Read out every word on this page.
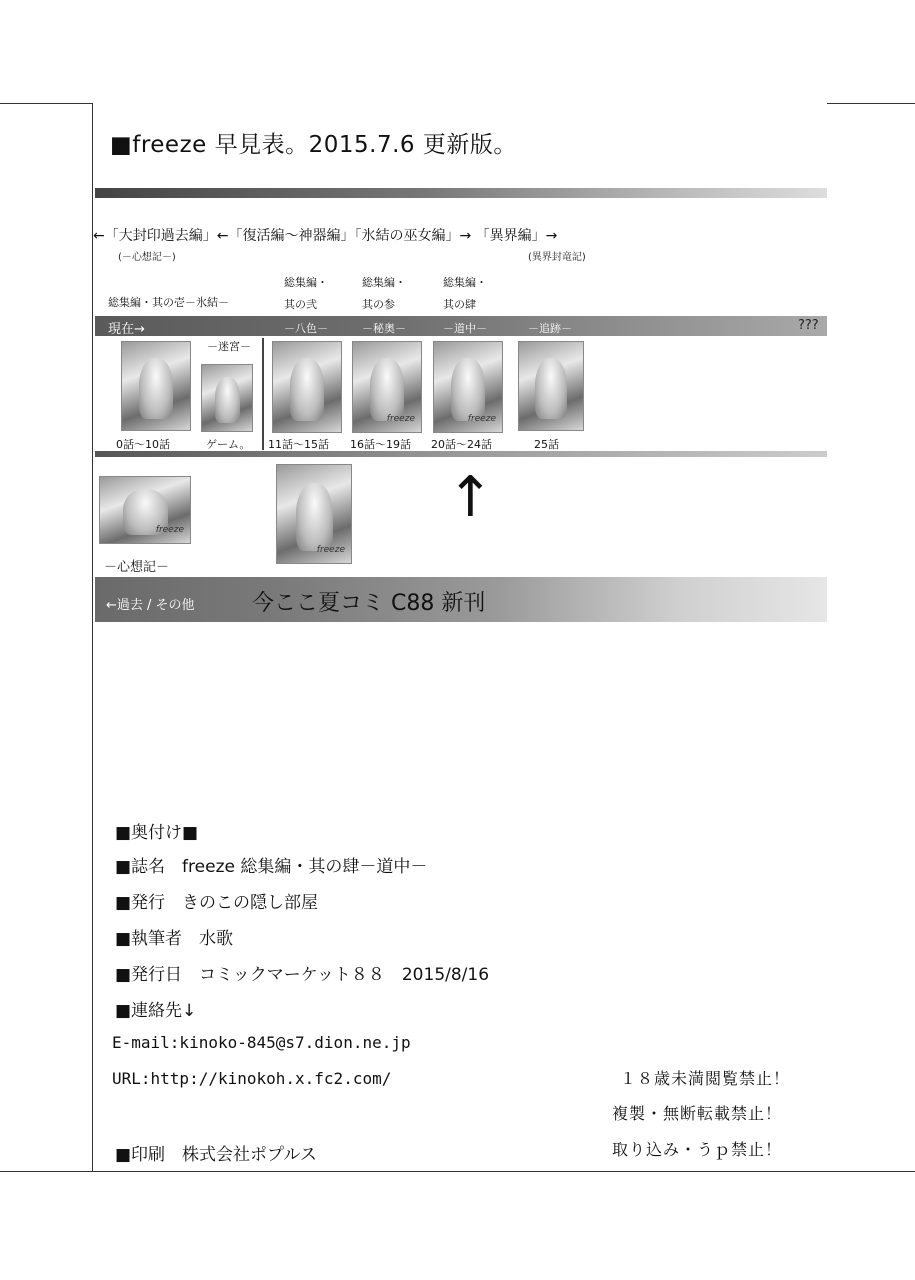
■freeze 早見表。2015.7.6 更新版。
←「大封印過去編」←「復活編～神器編」「氷結の巫女編」→ 「異界編」→
(－心想記－)	(異界封竜記)
総集編・其の壱－氷結－
総集編・
其の弐
総集編・
其の参
総集編・
其の肆
現在→	－八色－	－秘奥－	－道中－	－追跡－	???
－迷宮－
freeze	freeze
0話～10話	ゲーム。 11話～15話 16話～19話 20話～24話	25話
freeze
－心想記－
freeze
↑
←過去 / その他	今ここ夏コミ C88 新刊
■奥付け■
■誌名　freeze 総集編・其の肆－道中－
■発行　きのこの隠し部屋
■執筆者　水歌
■発行日　コミックマーケット８８　2015/8/16
■連絡先↓
E-mail:kinoko-845@s7.dion.ne.jp
URL:http://kinokoh.x.fc2.com/
■印刷　株式会社ポプルス
１８歳未満閲覧禁止！
複製・無断転載禁止！
取り込み・うｐ禁止！
